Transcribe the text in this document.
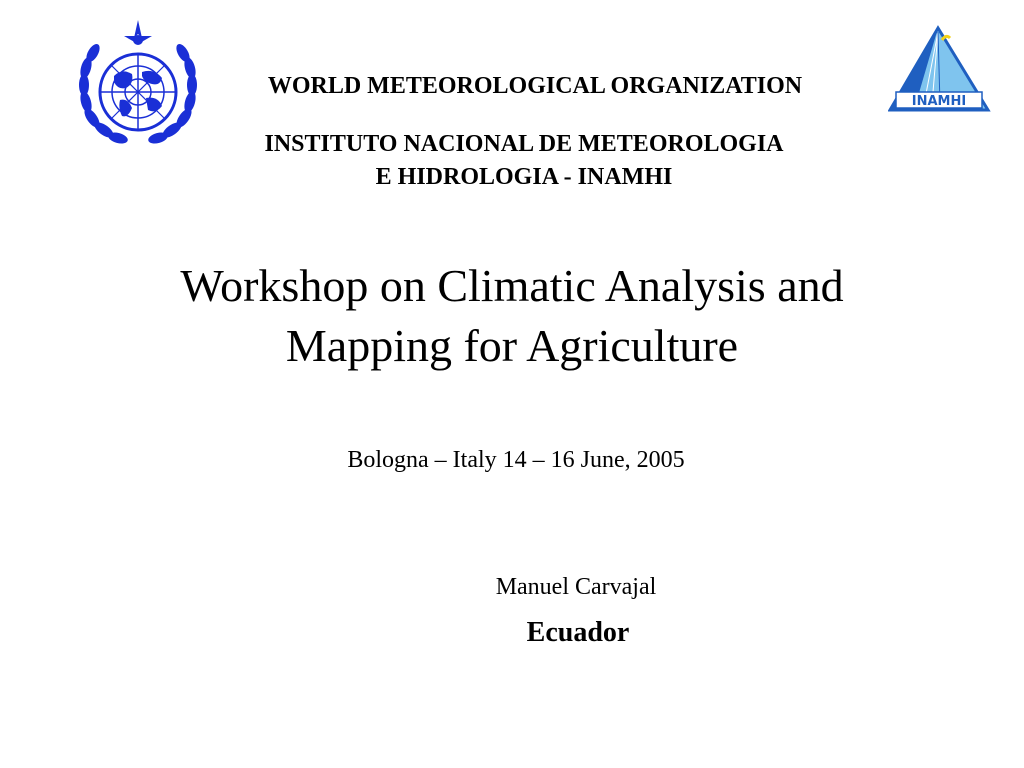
INAMHI
WORLD METEOROLOGICAL ORGANIZATION
INSTITUTO NACIONAL DE METEOROLOGIA
E HIDROLOGIA - INAMHI
Workshop on Climatic Analysis and
Mapping for Agriculture
Bologna – Italy 14 – 16 June, 2005
Manuel Carvajal
Ecuador
